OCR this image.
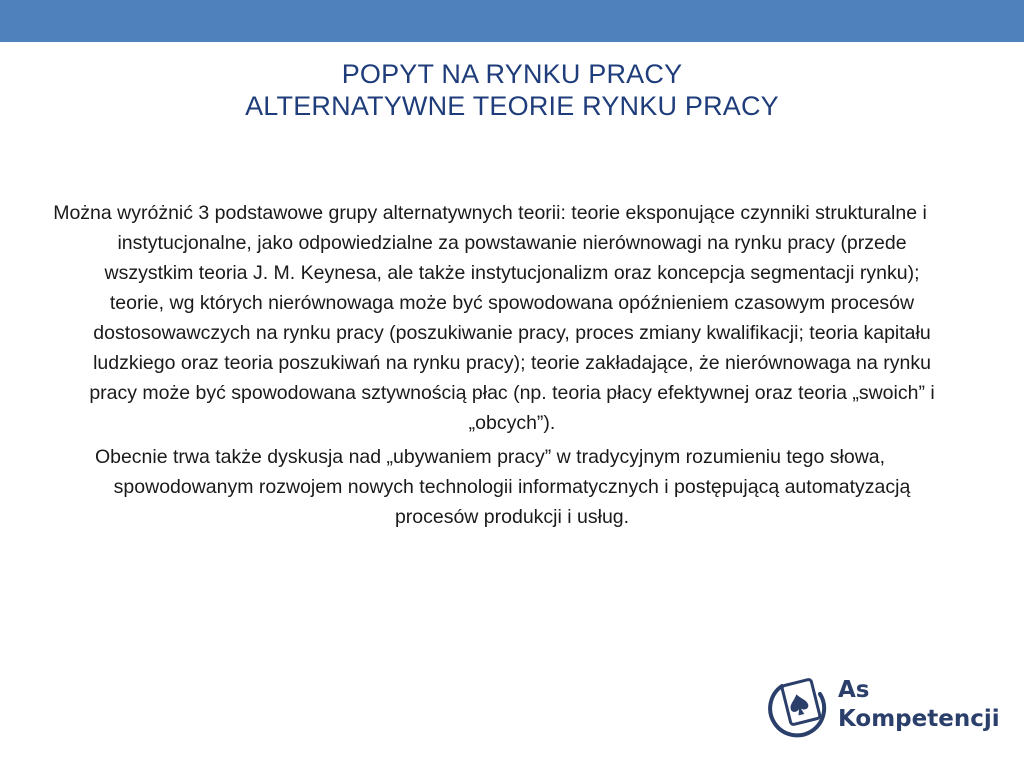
POPYT NA RYNKU PRACY
ALTERNATYWNE TEORIE RYNKU PRACY

Można wyróżnić 3 podstawowe grupy alternatywnych teorii: teorie eksponujące czynniki strukturalne i instytucjonalne, jako odpowiedzialne za powstawanie nierównowagi na rynku pracy (przede wszystkim teoria J. M. Keynesa, ale także instytucjonalizm oraz koncepcja segmentacji rynku); teorie, wg których nierównowaga może być spowodowana opóźnieniem czasowym procesów dostosowawczych na rynku pracy (poszukiwanie pracy, proces zmiany kwalifikacji; teoria kapitału ludzkiego oraz teoria poszukiwań na rynku pracy); teorie zakładające, że nierównowaga na rynku pracy może być spowodowana sztywnością płac (np. teoria płacy efektywnej oraz teoria „swoich” i „obcych”).

Obecnie trwa także dyskusja nad „ubywaniem pracy” w tradycyjnym rozumieniu tego słowa, spowodowanym rozwojem nowych technologii informatycznych i postępującą automatyzacją procesów produkcji i usług.

As
Kompetencji
